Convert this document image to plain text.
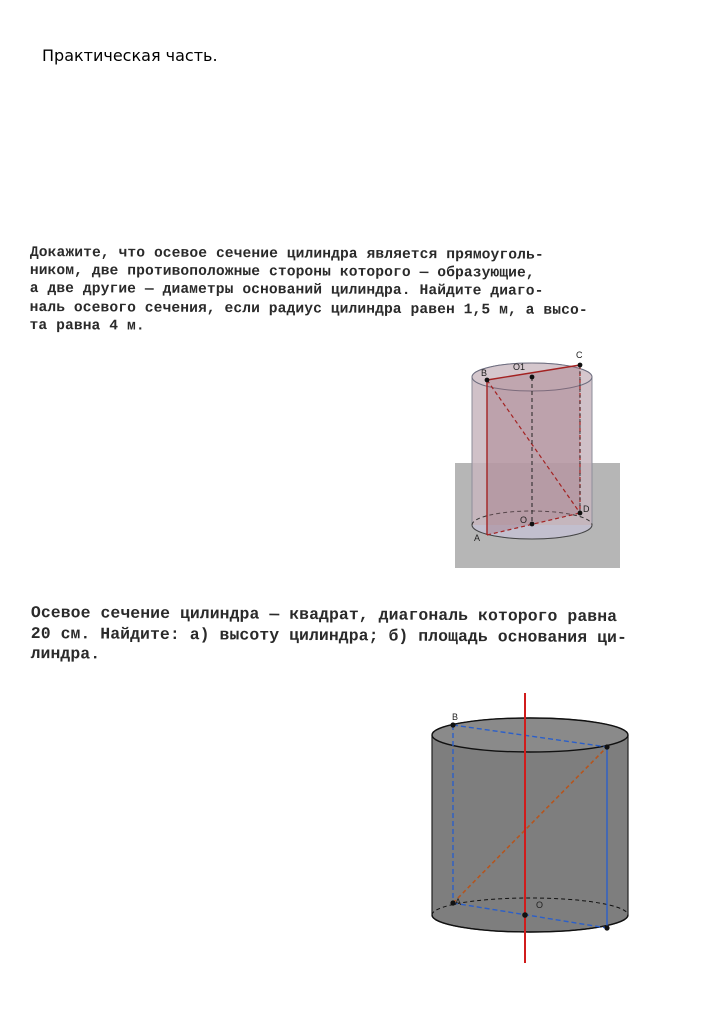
Практическая часть.
Докажите, что осевое сечение цилиндра является прямоуголь-
ником, две противоположные стороны которого — образующие,
а две другие — диаметры оснований цилиндра. Найдите диаго-
наль осевого сечения, если радиус цилиндра равен 1,5 м, а высо-
та равна 4 м.
B
O1
C
O
D
A
Осевое сечение цилиндра — квадрат, диагональ которого равна
20 см. Найдите: а) высоту цилиндра; б) площадь основания ци-
линдра.
B
O
A
